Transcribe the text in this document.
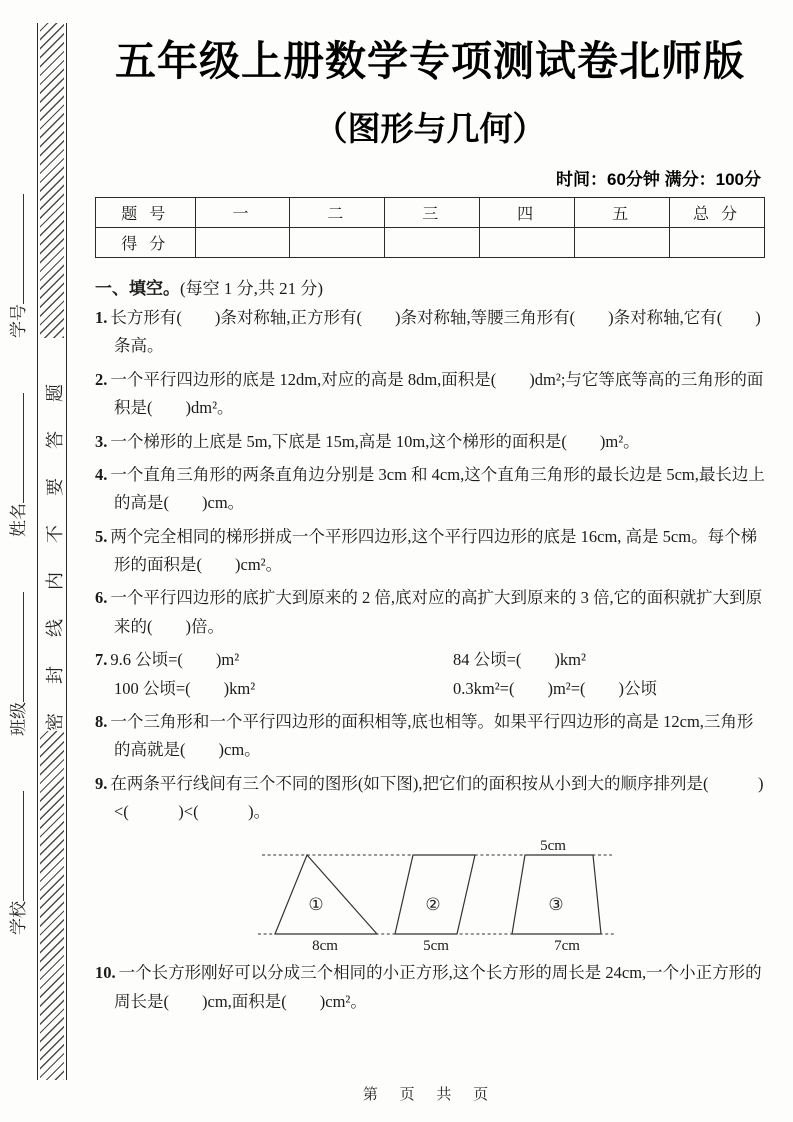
学校班级姓名学号
密封线内不要答题
五年级上册数学专项测试卷北师版
（图形与几何）
时间：60分钟 满分：100分
题 号	一	二	三	四	五	总 分
得 分						
一、填空。(每空 1 分,共 21 分)
1. 长方形有(　　)条对称轴,正方形有(　　)条对称轴,等腰三角形有(　　)条对称轴,它有(　　)条高。
2. 一个平行四边形的底是 12dm,对应的高是 8dm,面积是(　　)dm²;与它等底等高的三角形的面积是(　　)dm²。
3. 一个梯形的上底是 5m,下底是 15m,高是 10m,这个梯形的面积是(　　)m²。
4. 一个直角三角形的两条直角边分别是 3cm 和 4cm,这个直角三角形的最长边是 5cm,最长边上的高是(　　)cm。
5. 两个完全相同的梯形拼成一个平形四边形,这个平行四边形的底是 16cm, 高是 5cm。每个梯形的面积是(　　)cm²。
6. 一个平行四边形的底扩大到原来的 2 倍,底对应的高扩大到原来的 3 倍,它的面积就扩大到原来的(　　)倍。
7. 9.6 公顷=(　　)m²	84 公顷=(　　)km²
100 公顷=(　　)km²	0.3km²=(　　)m²=(　　)公顷
8. 一个三角形和一个平行四边形的面积相等,底也相等。如果平行四边形的高是 12cm,三角形的高就是(　　)cm。
9. 在两条平行线间有三个不同的图形(如下图),把它们的面积按从小到大的顺序排列是(　　　)<(　　　)<(　　　)。
①	②	③
5cm
8cm	5cm	7cm
10. 一个长方形刚好可以分成三个相同的小正方形,这个长方形的周长是 24cm,一个小正方形的周长是(　　)cm,面积是(　　)cm²。
第 页 共 页
